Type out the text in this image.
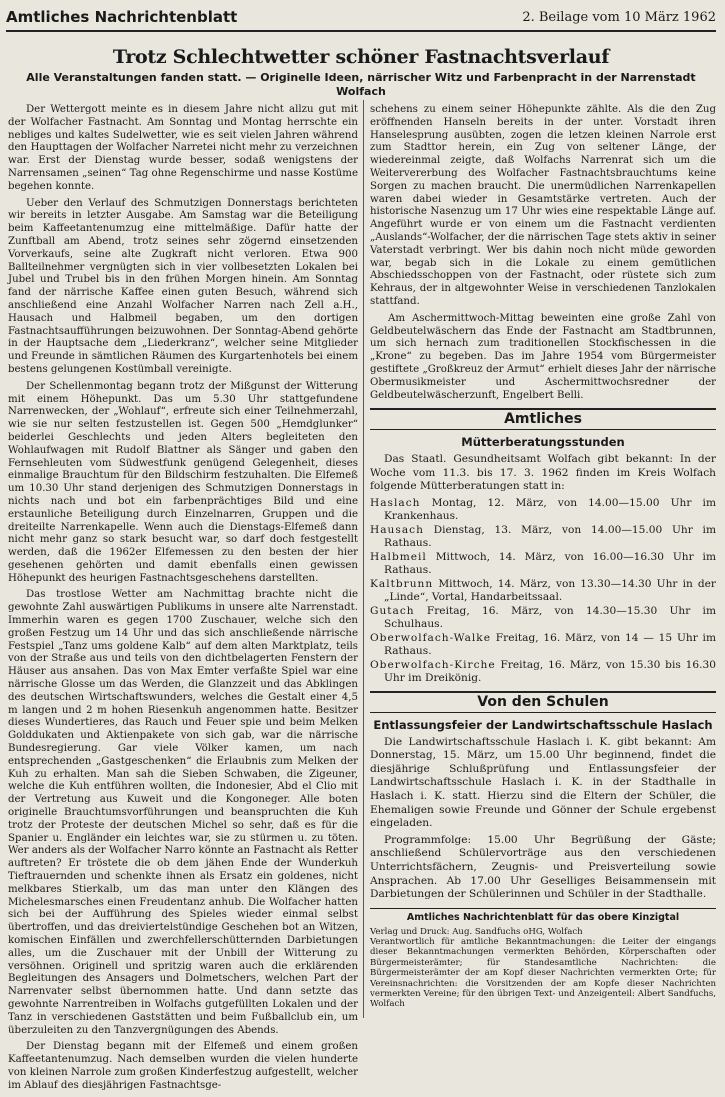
Amtliches Nachrichtenblatt	2. Beilage vom 10 März 1962
Trotz Schlechtwetter schöner Fastnachtsverlauf
Alle Veranstaltungen fanden statt. — Originelle Ideen, närrischer Witz und Farbenpracht in der Narrenstadt Wolfach

Der Wettergott meinte es in diesem Jahre nicht allzu gut mit der Wolfacher Fastnacht. Am Sonntag und Montag herrschte ein nebliges und kaltes Sudelwetter, wie es seit vielen Jahren während den Haupttagen der Wolfacher Narretei nicht mehr zu verzeichnen war. Erst der Dienstag wurde besser, sodaß wenigstens der Narrensamen „seinen“ Tag ohne Regenschirme und nasse Kostüme begehen konnte.

Ueber den Verlauf des Schmutzigen Donnerstags berichteten wir bereits in letzter Ausgabe. Am Samstag war die Beteiligung beim Kaffeetantenumzug eine mittelmäßige. Dafür hatte der Zunftball am Abend, trotz seines sehr zögernd einsetzenden Vorverkaufs, seine alte Zugkraft nicht verloren. Etwa 900 Ballteilnehmer vergnügten sich in vier vollbesetzten Lokalen bei Jubel und Trubel bis in den frühen Morgen hinein. Am Sonntag fand der närrische Kaffee einen guten Besuch, während sich anschließend eine Anzahl Wolfacher Narren nach Zell a.H., Hausach und Halbmeil begaben, um den dortigen Fastnachtsaufführungen beizuwohnen. Der Sonntag-Abend gehörte in der Hauptsache dem „Liederkranz“, welcher seine Mitglieder und Freunde in sämtlichen Räumen des Kurgartenhotels bei einem bestens gelungenen Kostümball vereinigte.

Der Schellenmontag begann trotz der Mißgunst der Witterung mit einem Höhepunkt. Das um 5.30 Uhr stattgefundene Narrenwecken, der „Wohlauf“, erfreute sich einer Teilnehmerzahl, wie sie nur selten festzustellen ist. Gegen 500 „Hemdglunker“ beiderlei Geschlechts und jeden Alters begleiteten den Wohlaufwagen mit Rudolf Blattner als Sänger und gaben den Fernsehleuten vom Südwestfunk genügend Gelegenheit, dieses einmalige Brauchtum für den Bildschirm festzuhalten. Die Elfemeß um 10.30 Uhr stand derjenigen des Schmutzigen Donnerstags in nichts nach und bot ein farbenprächtiges Bild und eine erstaunliche Beteiligung durch Einzelnarren, Gruppen und die dreiteilte Narrenkapelle. Wenn auch die Dienstags-Elfemeß dann nicht mehr ganz so stark besucht war, so darf doch festgestellt werden, daß die 1962er Elfemessen zu den besten der hier gesehenen gehörten und damit ebenfalls einen gewissen Höhepunkt des heurigen Fastnachtsgeschehens darstellten.

Das trostlose Wetter am Nachmittag brachte nicht die gewohnte Zahl auswärtigen Publikums in unsere alte Narrenstadt. Immerhin waren es gegen 1700 Zuschauer, welche sich den großen Festzug um 14 Uhr und das sich anschließende närrische Festspiel „Tanz ums goldene Kalb“ auf dem alten Marktplatz, teils von der Straße aus und teils von den dichtbelagerten Fenstern der Häuser aus ansahen. Das von Max Emter verfaßte Spiel war eine närrische Glosse um das Werden, die Glanzzeit und das Abklingen des deutschen Wirtschaftswunders, welches die Gestalt einer 4,5 m langen und 2 m hohen Riesenkuh angenommen hatte. Besitzer dieses Wundertieres, das Rauch und Feuer spie und beim Melken Golddukaten und Aktienpakete von sich gab, war die närrische Bundesregierung. Gar viele Völker kamen, um nach entsprechenden „Gastgeschenken“ die Erlaubnis zum Melken der Kuh zu erhalten. Man sah die Sieben Schwaben, die Zigeuner, welche die Kuh entführen wollten, die Indonesier, Abd el Clio mit der Vertretung aus Kuweit und die Kongoneger. Alle boten originelle Brauchtumsvorführungen und beanspruchten die Kuh trotz der Proteste der deutschen Michel so sehr, daß es für die Spanier u. Engländer ein leichtes war, sie zu stürmen u. zu töten. Wer anders als der Wolfacher Narro könnte an Fastnacht als Retter auftreten? Er tröstete die ob dem jähen Ende der Wunderkuh Tieftrauernden und schenkte ihnen als Ersatz ein goldenes, nicht melkbares Stierkalb, um das man unter den Klängen des Michelesmarsches einen Freudentanz anhub. Die Wolfacher hatten sich bei der Aufführung des Spieles wieder einmal selbst übertroffen, und das dreiviertelstündige Geschehen bot an Witzen, komischen Einfällen und zwerchfellerschütternden Darbietungen alles, um die Zuschauer mit der Unbill der Witterung zu versöhnen. Originell und spritzig waren auch die erklärenden Begleitungen des Ansagers und Dolmetschers, welchen Part der Narrenvater selbst übernommen hatte. Und dann setzte das gewohnte Narrentreiben in Wolfachs gutgefüllten Lokalen und der Tanz in verschiedenen Gaststätten und beim Fußballclub ein, um überzuleiten zu den Tanzvergnügungen des Abends.

Der Dienstag begann mit der Elfemeß und einem großen Kaffeetantenumzug. Nach demselben wurden die vielen hunderte von kleinen Narrole zum großen Kinderfestzug aufgestellt, welcher im Ablauf des diesjährigen Fastnachtsge-

schehens zu einem seiner Höhepunkte zählte. Als die den Zug eröffnenden Hanseln bereits in der unter. Vorstadt ihren Hanselesprung ausübten, zogen die letzen kleinen Narrole erst zum Stadttor herein, ein Zug von seltener Länge, der wiedereinmal zeigte, daß Wolfachs Narrenrat sich um die Weitervererbung des Wolfacher Fastnachtsbrauchtums keine Sorgen zu machen braucht. Die unermüdlichen Narrenkapellen waren dabei wieder in Gesamtstärke vertreten. Auch der historische Nasenzug um 17 Uhr wies eine respektable Länge auf. Angeführt wurde er von einem um die Fastnacht verdienten „Auslands“-Wolfacher, der die närrischen Tage stets aktiv in seiner Vaterstadt verbringt. Wer bis dahin noch nicht müde geworden war, begab sich in die Lokale zu einem gemütlichen Abschiedsschoppen von der Fastnacht, oder rüstete sich zum Kehraus, der in altgewohnter Weise in verschiedenen Tanzlokalen stattfand.

Am Aschermittwoch-Mittag beweinten eine große Zahl von Geldbeutelwäschern das Ende der Fastnacht am Stadtbrunnen, um sich hernach zum traditionellen Stockfischessen in die „Krone“ zu begeben. Das im Jahre 1954 vom Bürgermeister gestiftete „Großkreuz der Armut“ erhielt dieses Jahr der närrische Obermusikmeister und Aschermittwochsredner der Geldbeutelwäscherzunft, Engelbert Belli.

Amtliches
Mütterberatungsstunden

Das Staatl. Gesundheitsamt Wolfach gibt bekannt: In der Woche vom 11.3. bis 17. 3. 1962 finden im Kreis Wolfach folgende Mütterberatungen statt in:

Haslach Montag, 12. März, von 14.00—15.00 Uhr im Krankenhaus.
Hausach Dienstag, 13. März, von 14.00—15.00 Uhr im Rathaus.
Halbmeil Mittwoch, 14. März, von 16.00—16.30 Uhr im Rathaus.
Kaltbrunn Mittwoch, 14. März, von 13.30—14.30 Uhr in der „Linde“, Vortal, Handarbeitssaal.
Gutach Freitag, 16. März, von 14.30—15.30 Uhr im Schulhaus.
Oberwolfach-Walke Freitag, 16. März, von 14 — 15 Uhr im Rathaus.
Oberwolfach-Kirche Freitag, 16. März, von 15.30 bis 16.30 Uhr im Dreikönig.
Von den Schulen
Entlassungsfeier der Landwirtschaftsschule Haslach

Die Landwirtschaftsschule Haslach i. K. gibt bekannt: Am Donnerstag, 15. März, um 15.00 Uhr beginnend, findet die diesjährige Schlußprüfung und Entlassungsfeier der Landwirtschaftsschule Haslach i. K. in der Stadthalle in Haslach i. K. statt. Hierzu sind die Eltern der Schüler, die Ehemaligen sowie Freunde und Gönner der Schule ergebenst eingeladen.

Programmfolge: 15.00 Uhr Begrüßung der Gäste; anschließend Schülervorträge aus den verschiedenen Unterrichtsfächern, Zeugnis- und Preisverteilung sowie Ansprachen. Ab 17.00 Uhr Geselliges Beisammensein mit Darbietungen der Schülerinnen und Schüler in der Stadthalle.

Amtliches Nachrichtenblatt für das obere Kinzigtal
Verlag und Druck: Aug. Sandfuchs oHG, Wolfach
Verantwortlich für amtliche Bekanntmachungen: die Leiter der eingangs dieser Bekanntmachungen vermerkten Behörden, Körperschaften oder Bürgermeisterämter; für Standesamtliche Nachrichten: die Bürgermeisterämter der am Kopf dieser Nachrichten vermerkten Orte; für Vereinsnachrichten: die Vorsitzenden der am Kopfe dieser Nachrichten vermerkten Vereine; für den übrigen Text- und Anzeigenteil: Albert Sandfuchs, Wolfach
